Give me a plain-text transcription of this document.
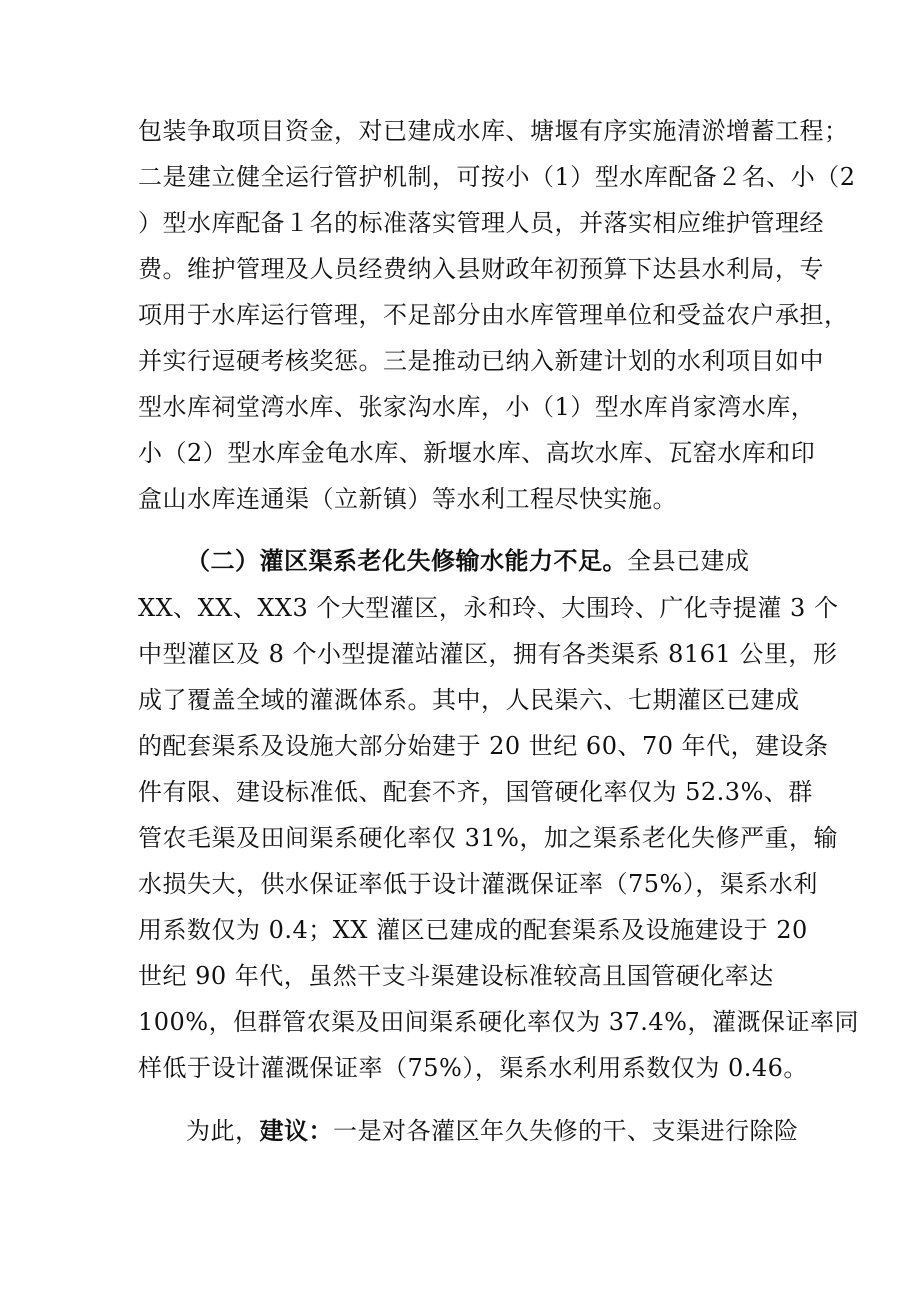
包装争取项目资金，对已建成水库、塘堰有序实施清淤增蓄工程；
二是建立健全运行管护机制，可按小（1）型水库配备２名、小（2
）型水库配备１名的标准落实管理人员，并落实相应维护管理经
费。维护管理及人员经费纳入县财政年初预算下达县水利局，专
项用于水库运行管理，不足部分由水库管理单位和受益农户承担，
并实行逗硬考核奖惩。三是推动已纳入新建计划的水利项目如中
型水库祠堂湾水库、张家沟水库，小（1）型水库肖家湾水库，
小（2）型水库金龟水库、新堰水库、高坎水库、瓦窑水库和印
盒山水库连通渠（立新镇）等水利工程尽快实施。
（二）灌区渠系老化失修输水能力不足。全县已建成
XX、XX、XX3 个大型灌区，永和玲、大围玲、广化寺提灌 3 个
中型灌区及 8 个小型提灌站灌区，拥有各类渠系 8161 公里，形
成了覆盖全域的灌溉体系。其中，人民渠六、七期灌区已建成
的配套渠系及设施大部分始建于 20 世纪 60、70 年代，建设条
件有限、建设标准低、配套不齐，国管硬化率仅为 52.3%、群
管农毛渠及田间渠系硬化率仅 31%，加之渠系老化失修严重，输
水损失大，供水保证率低于设计灌溉保证率（75%），渠系水利
用系数仅为 0.4；XX 灌区已建成的配套渠系及设施建设于 20
世纪 90 年代，虽然干支斗渠建设标准较高且国管硬化率达
100%，但群管农渠及田间渠系硬化率仅为 37.4%，灌溉保证率同
样低于设计灌溉保证率（75%），渠系水利用系数仅为 0.46。
为此，建议：一是对各灌区年久失修的干、支渠进行除险
